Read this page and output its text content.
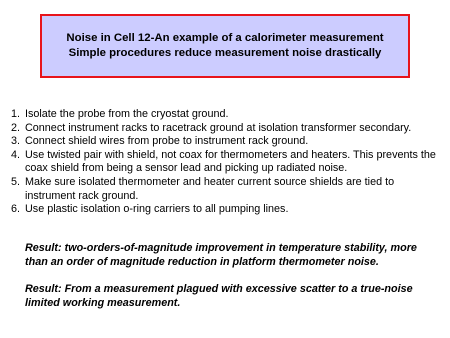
Noise in Cell 12-An example of a calorimeter measurement
Simple procedures reduce measurement noise drastically
1. Isolate the probe from the cryostat ground.
2. Connect instrument racks to racetrack ground at isolation transformer secondary.
3. Connect shield wires from probe to instrument rack ground.
4. Use twisted pair with shield, not coax for thermometers and heaters. This prevents the coax shield from being a sensor lead and picking up radiated noise.
5. Make sure isolated thermometer and heater current source shields are tied to instrument rack ground.
6. Use plastic isolation o-ring carriers to all pumping lines.

Result: two-orders-of-magnitude improvement in temperature stability, more than an order of magnitude reduction in platform thermometer noise.

Result: From a measurement plagued with excessive scatter to a true-noise limited working measurement.
